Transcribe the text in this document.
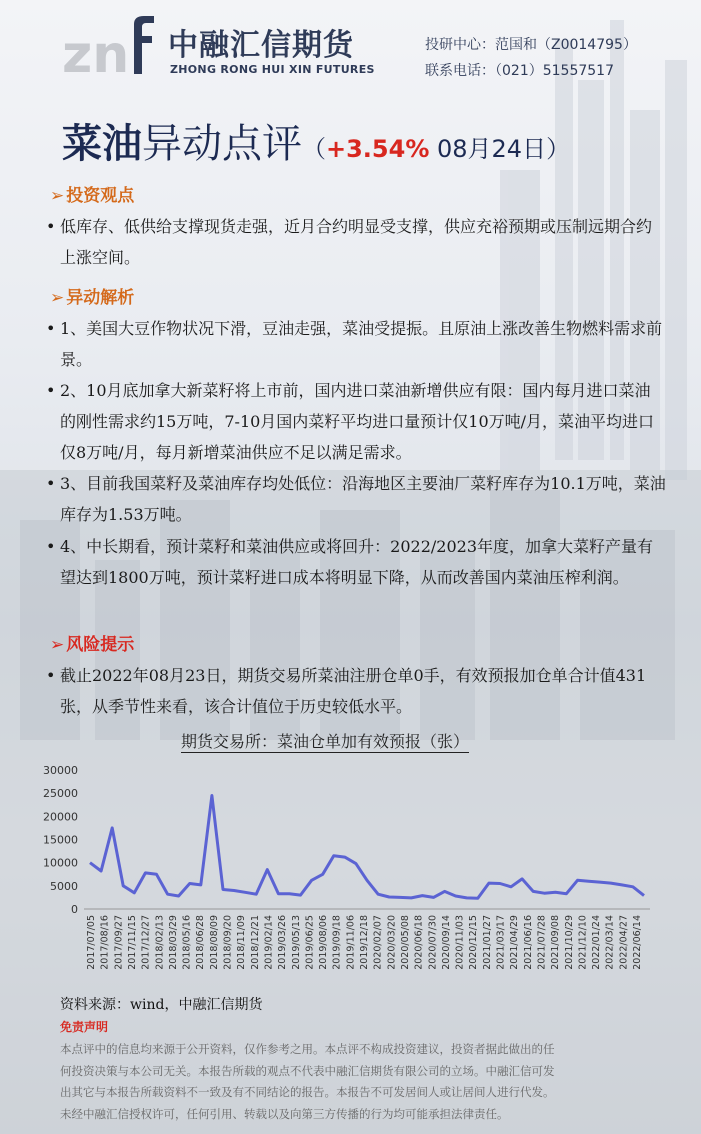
zn 中融汇信期货
ZHONG RONG HUI XIN FUTURES
投研中心：范国和（Z0014795）
联系电话：（021）51557517
菜油异动点评（+3.54% 08月24日）
➢ 投资观点
• 低库存、低供给支撑现货走强，近月合约明显受支撑，供应充裕预期或压制远期合约上涨空间。
➢ 异动解析
• 1、美国大豆作物状况下滑，豆油走强，菜油受提振。且原油上涨改善生物燃料需求前景。
• 2、10月底加拿大新菜籽将上市前，国内进口菜油新增供应有限：国内每月进口菜油的刚性需求约15万吨，7-10月国内菜籽平均进口量预计仅10万吨/月，菜油平均进口仅8万吨/月，每月新增菜油供应不足以满足需求。
• 3、目前我国菜籽及菜油库存均处低位：沿海地区主要油厂菜籽库存为10.1万吨，菜油库存为1.53万吨。
• 4、中长期看，预计菜籽和菜油供应或将回升：2022/2023年度，加拿大菜籽产量有望达到1800万吨，预计菜籽进口成本将明显下降，从而改善国内菜油压榨利润。
➢ 风险提示
• 截止2022年08月23日，期货交易所菜油注册仓单0手，有效预报加仓单合计值431张，从季节性来看，该合计值位于历史较低水平。
期货交易所：菜油仓单加有效预报（张）
0
5000
10000
15000
20000
25000
30000
2017/07/05 2017/08/16 2017/09/27 2017/11/15 2017/12/27 2018/02/13 2018/03/29 2018/05/16 2018/06/28 2018/08/09 2018/09/20 2018/11/09 2018/12/21 2019/02/14 2019/03/26 2019/05/13 2019/06/25 2019/08/06 2019/09/18 2019/11/06 2019/12/18 2020/02/07 2020/03/20 2020/05/08 2020/06/18 2020/07/30 2020/09/14 2020/11/03 2020/12/15 2021/01/27 2021/03/17 2021/04/29 2021/06/16 2021/07/28 2021/09/08 2021/10/29 2021/12/10 2022/01/24 2022/03/14 2022/04/27 2022/06/14
资料来源：wind，中融汇信期货
免责声明
本点评中的信息均来源于公开资料，仅作参考之用。本点评不构成投资建议，投资者据此做出的任
何投资决策与本公司无关。本报告所载的观点不代表中融汇信期货有限公司的立场。中融汇信可发
出其它与本报告所载资料不一致及有不同结论的报告。本报告不可发居间人或让居间人进行代发。
未经中融汇信授权许可，任何引用、转载以及向第三方传播的行为均可能承担法律责任。
